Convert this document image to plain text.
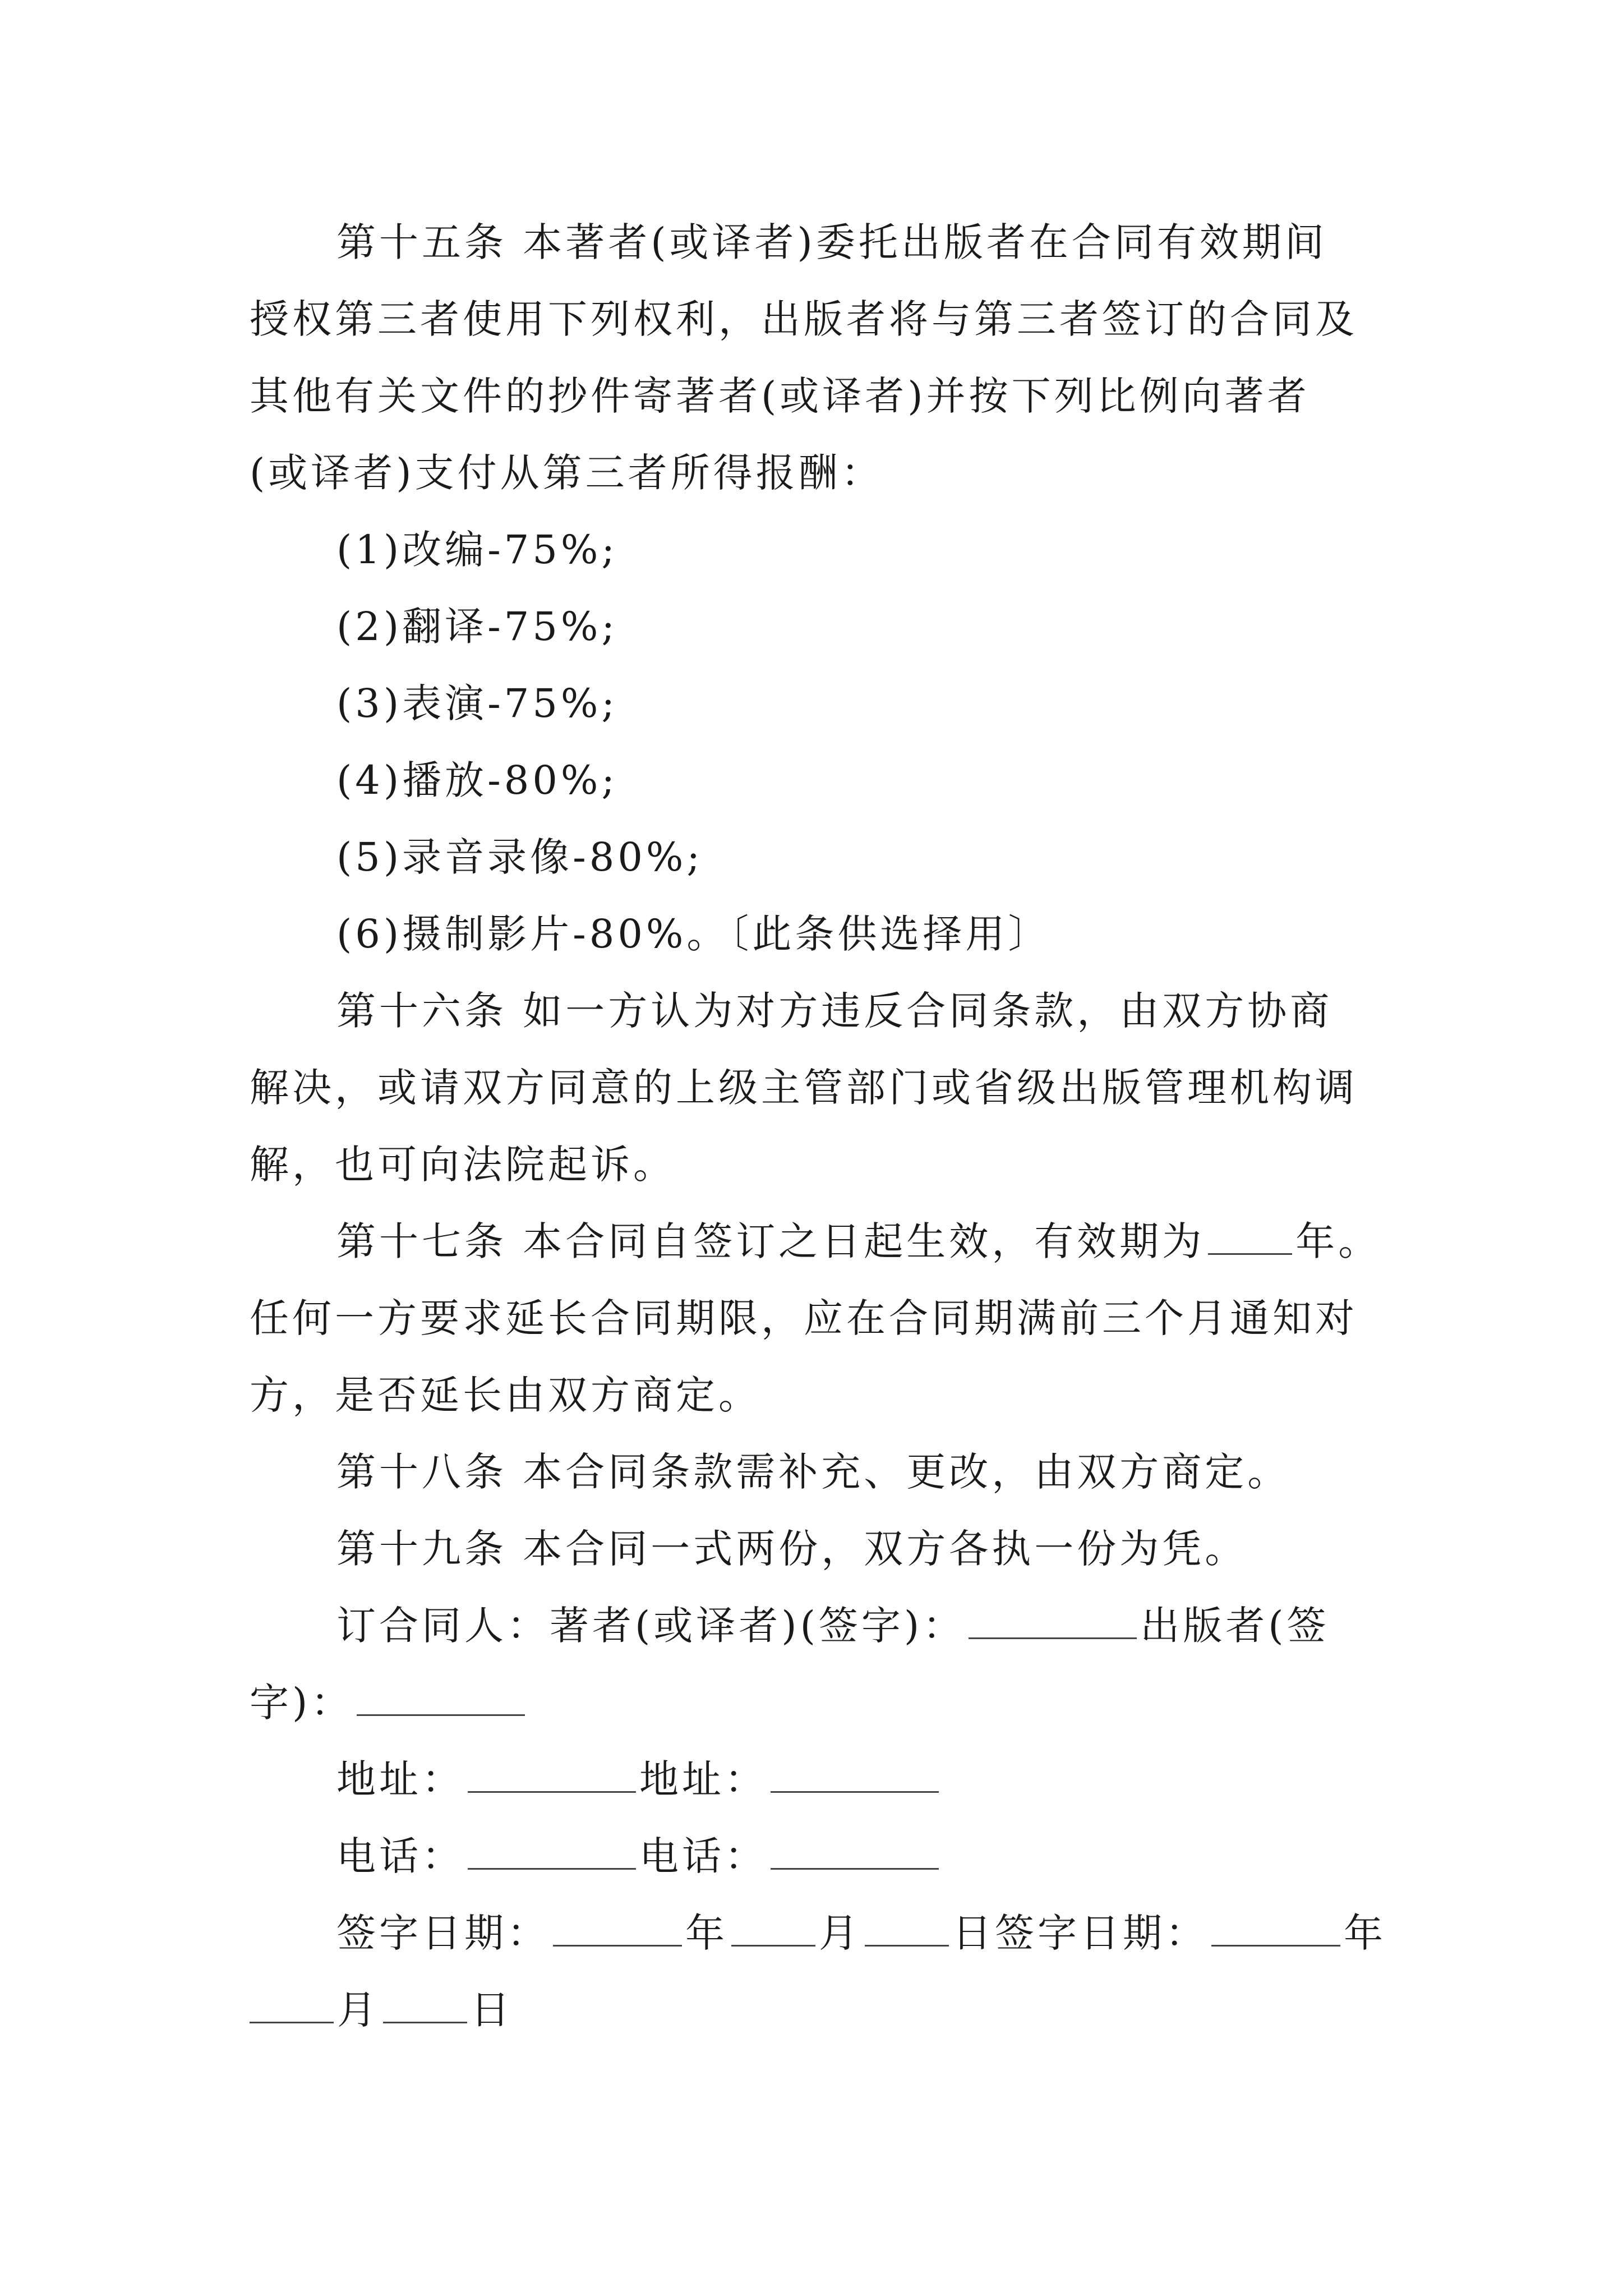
第十五条 本著者(或译者)委托出版者在合同有效期间
授权第三者使用下列权利，出版者将与第三者签订的合同及
其他有关文件的抄件寄著者(或译者)并按下列比例向著者
(或译者)支付从第三者所得报酬：
(1)改编-75%;
(2)翻译-75%;
(3)表演-75%;
(4)播放-80%;
(5)录音录像-80%;
(6)摄制影片-80%。〔此条供选择用〕
第十六条 如一方认为对方违反合同条款，由双方协商
解决，或请双方同意的上级主管部门或省级出版管理机构调
解，也可向法院起诉。
第十七条 本合同自签订之日起生效，有效期为 年。
任何一方要求延长合同期限，应在合同期满前三个月通知对
方，是否延长由双方商定。
第十八条 本合同条款需补充、更改，由双方商定。
第十九条 本合同一式两份，双方各执一份为凭。
订合同人：著者(或译者)(签字)：	出版者(签
字)：
地址：	地址：
电话：	电话：
签字日期：	年 月 日签字日期：	年
月 日
